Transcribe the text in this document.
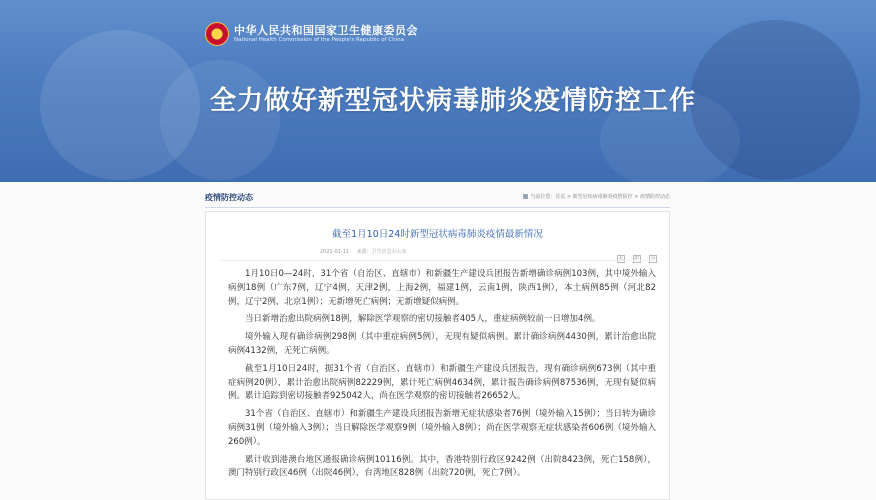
中华人民共和国国家卫生健康委员会
National Health Commission of the People's Republic of China
全力做好新型冠状病毒肺炎疫情防控工作
疫情防控动态	当前位置：首页 > 新型冠状病毒肺炎疫情防控 > 疫情防控动态
截至1月10日24时新型冠状病毒肺炎疫情最新情况
2021-01-11 来源：卫生应急办公室
大 中 小

1月10日0—24时，31个省（自治区、直辖市）和新疆生产建设兵团报告新增确诊病例103例，其中境外输入病例18例（广东7例，辽宁4例，天津2例，上海2例，福建1例，云南1例，陕西1例），本土病例85例（河北82例，辽宁2例，北京1例）；无新增死亡病例；无新增疑似病例。

当日新增治愈出院病例18例，解除医学观察的密切接触者405人，重症病例较前一日增加4例。

境外输入现有确诊病例298例（其中重症病例5例），无现有疑似病例。累计确诊病例4430例，累计治愈出院病例4132例，无死亡病例。

截至1月10日24时，据31个省（自治区、直辖市）和新疆生产建设兵团报告，现有确诊病例673例（其中重症病例20例），累计治愈出院病例82229例，累计死亡病例4634例，累计报告确诊病例87536例，无现有疑似病例。累计追踪到密切接触者925042人，尚在医学观察的密切接触者26652人。

31个省（自治区、直辖市）和新疆生产建设兵团报告新增无症状感染者76例（境外输入15例）；当日转为确诊病例31例（境外输入3例）；当日解除医学观察9例（境外输入8例）；尚在医学观察无症状感染者606例（境外输入260例）。

累计收到港澳台地区通报确诊病例10116例。其中，香港特别行政区9242例（出院8423例，死亡158例），澳门特别行政区46例（出院46例），台湾地区828例（出院720例，死亡7例）。
